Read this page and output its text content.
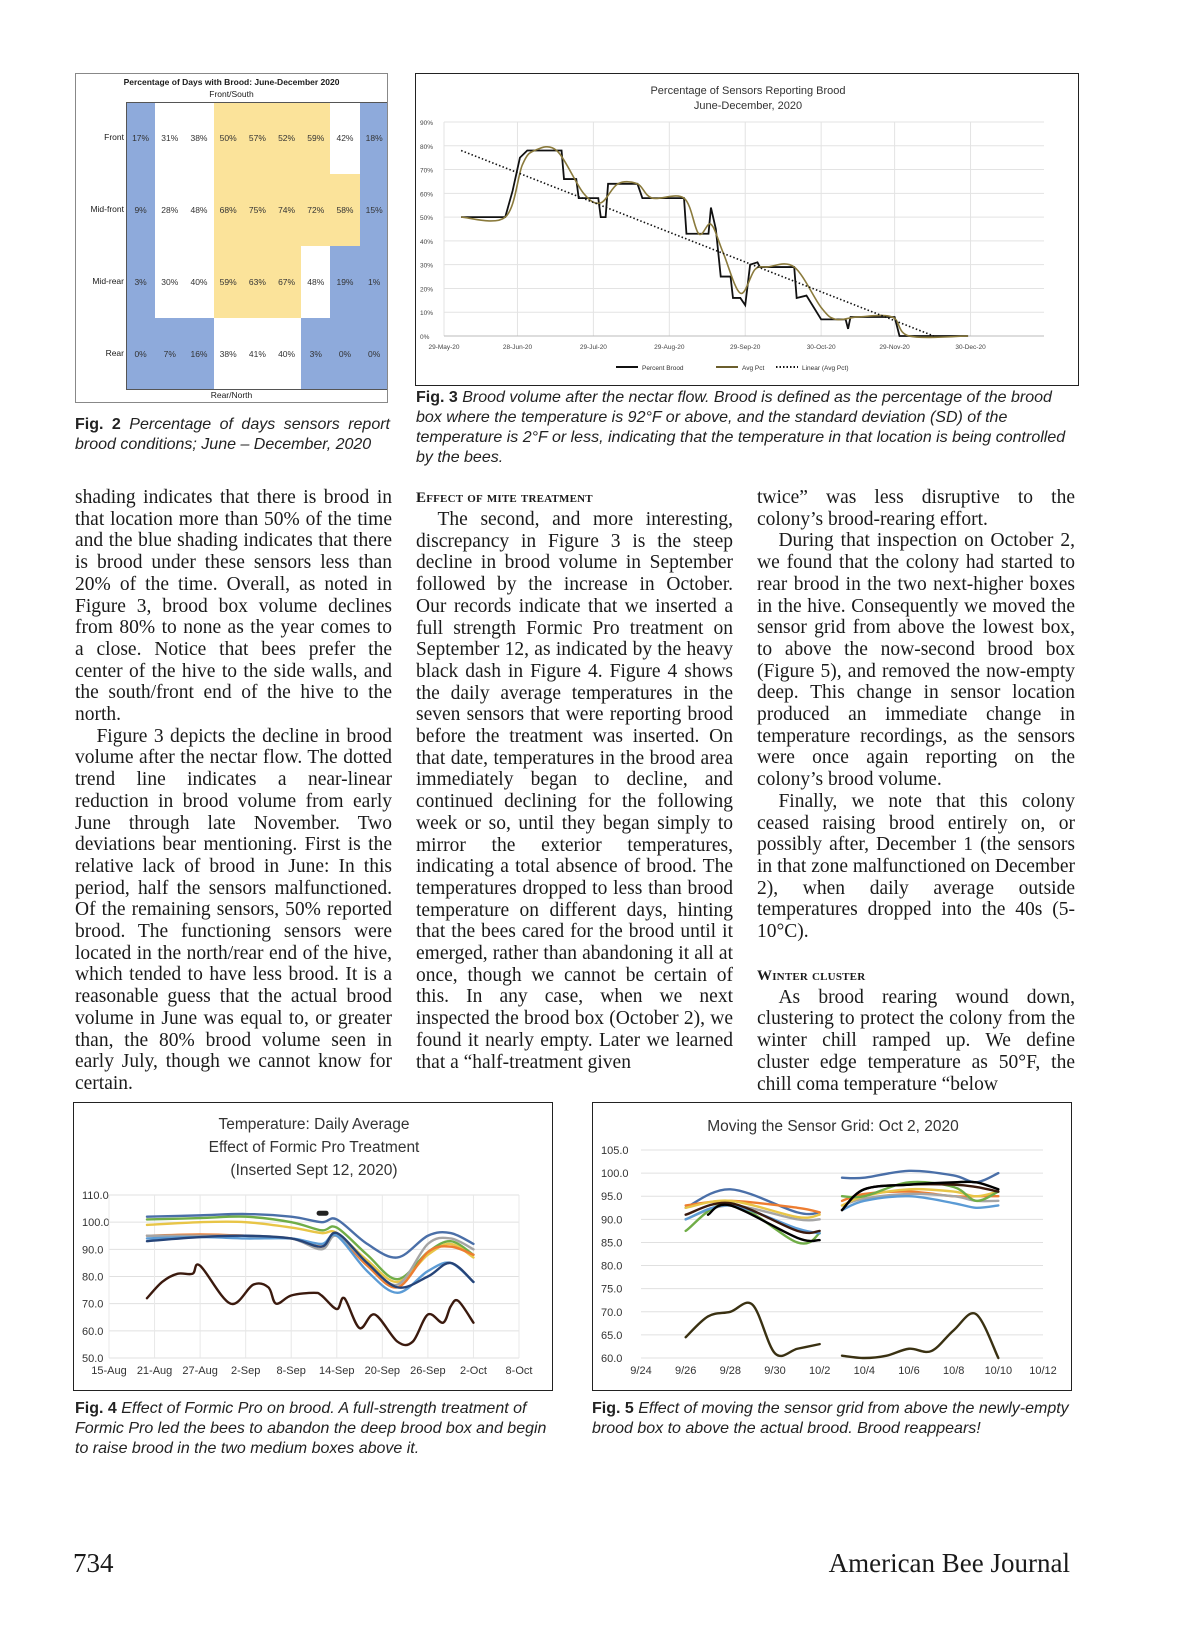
Percentage of Days with Brood: June-December 2020
Front/South
Front 17%	31%	38%	50%	57%	52%	59%	42%	18%
Mid-front	9%	28%	48%	68%	75%	74%	72%	58%	15%
Mid-rear	3%	30%	40%	59%	63%	67%	48%	19%	1%
Rear	0%	7%	16%	38%	41%	40%	3%	0%	0%
Rear/North
Fig. 2 Percentage of days sensors report brood conditions; June – December, 2020
Percentage of Sensors Reporting Brood
June-December, 2020
0%
10%
20%
30%
40%
50%
60%
70%
80%
90%
29-May-20	28-Jun-20	29-Jul-20	29-Aug-20	29-Sep-20	30-Oct-20	29-Nov-20	30-Dec-20
Percent Brood	Avg Pct	Linear (Avg Pct)
Fig. 3 Brood volume after the nectar flow. Brood is defined as the percentage of the brood box where the temperature is 92°F or above, and the standard deviation (SD) of the temperature is 2°F or less, indicating that the temperature in that location is being controlled by the bees.

shading indicates that there is brood in that location more than 50% of the time and the blue shading indicates that there is brood under these sensors less than 20% of the time. Overall, as noted in Figure 3, brood box volume declines from 80% to none as the year comes to a close. Notice that bees prefer the center of the hive to the side walls, and the south/front end of the hive to the north.

Figure 3 depicts the decline in brood volume after the nectar flow. The dotted trend line indicates a near-linear reduction in brood volume from early June through late November. Two deviations bear mentioning. First is the relative lack of brood in June: In this period, half the sensors malfunctioned. Of the remaining sensors, 50% reported brood. The functioning sensors were located in the north/rear end of the hive, which tended to have less brood. It is a reasonable guess that the actual brood volume in June was equal to, or greater than, the 80% brood volume seen in early July, though we cannot know for certain.

Effect of mite treatment

The second, and more interesting, discrepancy in Figure 3 is the steep decline in brood volume in September followed by the increase in October. Our records indicate that we inserted a full strength Formic Pro treatment on September 12, as indicated by the heavy black dash in Figure 4. Figure 4 shows the daily average temperatures in the seven sensors that were reporting brood before the treatment was inserted. On that date, temperatures in the brood area immediately began to decline, and continued declining for the following week or so, until they began simply to mirror the exterior temperatures, indicating a total absence of brood. The temperatures dropped to less than brood temperature on different days, hinting that the bees cared for the brood until it emerged, rather than abandoning it all at once, though we cannot be certain of this. In any case, when we next inspected the brood box (October 2), we found it nearly empty. Later we learned that a “half-treatment given

twice” was less disruptive to the colony’s brood-rearing effort.

During that inspection on October 2, we found that the colony had started to rear brood in the two next-higher boxes in the hive. Consequently we moved the sensor grid from above the lowest box, to above the now-second brood box (Figure 5), and removed the now-empty deep. This change in sensor location produced an immediate change in temperature recordings, as the sensors were once again reporting on the colony’s brood volume.

Finally, we note that this colony ceased raising brood entirely on, or possibly after, December 1 (the sensors in that zone malfunctioned on December 2), when daily average outside temperatures dropped into the 40s (5-10°C).

Winter cluster

As brood rearing wound down, clustering to protect the colony from the winter chill ramped up. We define cluster edge temperature as 50°F, the chill coma temperature “below

Temperature: Daily Average
Effect of Formic Pro Treatment
(Inserted Sept 12, 2020)
50.0
60.0
70.0
80.0
90.0
100.0
110.0
15-Aug 21-Aug 27-Aug 2-Sep 8-Sep 14-Sep 20-Sep 26-Sep 2-Oct 8-Oct
Fig. 4 Effect of Formic Pro on brood. A full-strength treatment of Formic Pro led the bees to abandon the deep brood box and begin to raise brood in the two medium boxes above it.
Moving the Sensor Grid: Oct 2, 2020
60.0
65.0
70.0
75.0
80.0
85.0
90.0
95.0
100.0
105.0
9/24 9/26 9/28 9/30 10/2 10/4 10/6 10/8 10/10 10/12
Fig. 5 Effect of moving the sensor grid from above the newly-empty brood box to above the actual brood. Brood reappears!
734	American Bee Journal
